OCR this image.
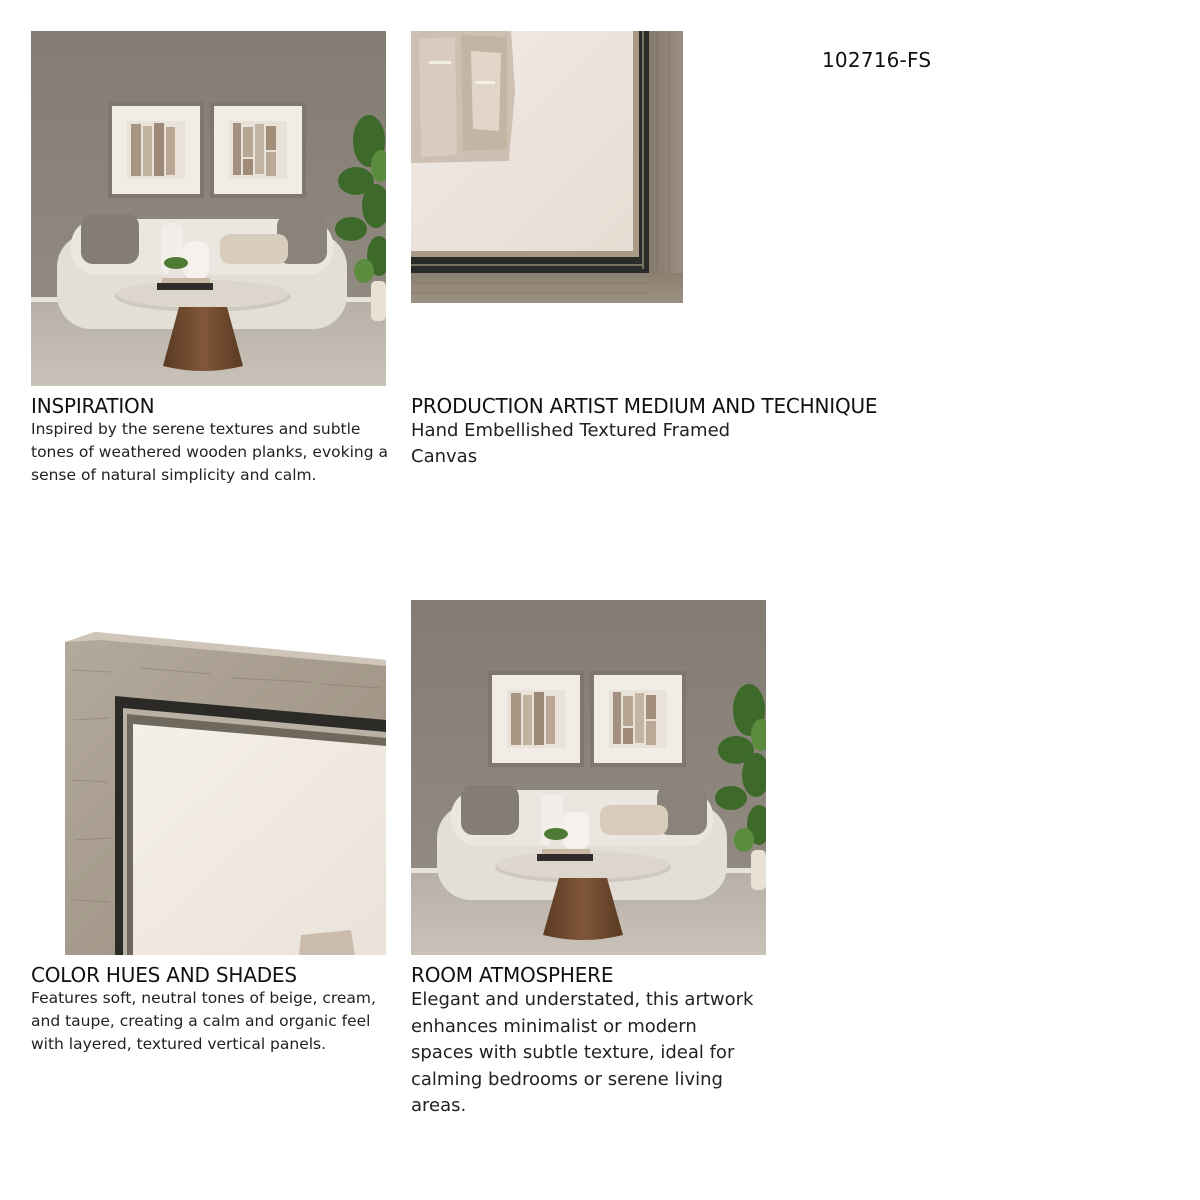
102716-FS
INSPIRATION
Inspired by the serene textures and subtle tones of weathered wooden planks, evoking a sense of natural simplicity and calm.
PRODUCTION ARTIST MEDIUM AND TECHNIQUE
Hand Embellished Textured Framed
Canvas
COLOR HUES AND SHADES
Features soft, neutral tones of beige, cream, and taupe, creating a calm and organic feel with layered, textured vertical panels.
ROOM ATMOSPHERE
Elegant and understated, this artwork enhances minimalist or modern spaces with subtle texture, ideal for calming bedrooms or serene living areas.
